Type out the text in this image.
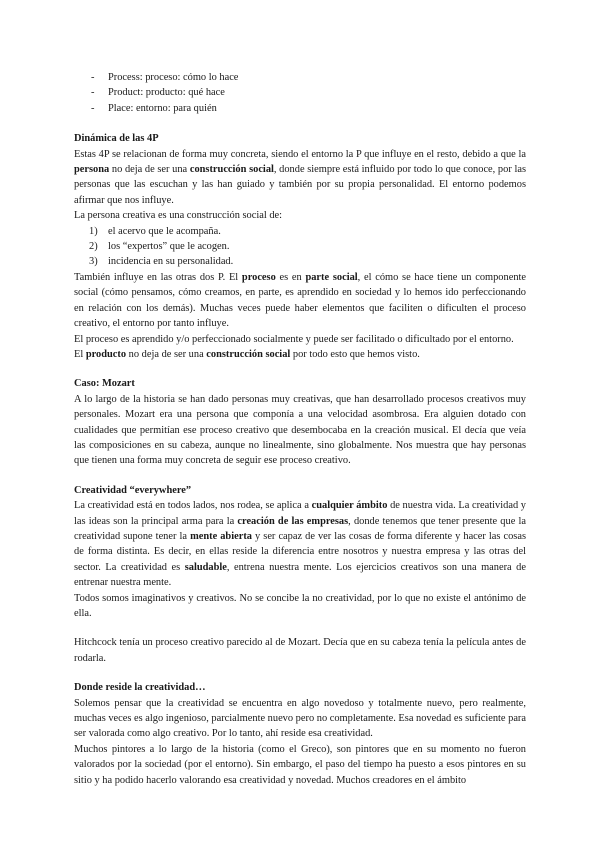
- Process: proceso: cómo lo hace
- Product: producto: qué hace
- Place: entorno: para quién
Dinámica de las 4P

Estas 4P se relacionan de forma muy concreta, siendo el entorno la P que influye en el resto, debido a que la persona no deja de ser una construcción social, donde siempre está influido por todo lo que conoce, por las personas que las escuchan y las han guiado y también por su propia personalidad. El entorno podemos afirmar que nos influye.

La persona creativa es una construcción social de:

1) el acervo que le acompaña.
2) los “expertos” que le acogen.
3) incidencia en su personalidad.

También influye en las otras dos P. El proceso es en parte social, el cómo se hace tiene un componente social (cómo pensamos, cómo creamos, en parte, es aprendido en sociedad y lo hemos ido perfeccionando en relación con los demás). Muchas veces puede haber elementos que faciliten o dificulten el proceso creativo, el entorno por tanto influye.

El proceso es aprendido y/o perfeccionado socialmente y puede ser facilitado o dificultado por el entorno.

El producto no deja de ser una construcción social por todo esto que hemos visto.

Caso: Mozart

A lo largo de la historia se han dado personas muy creativas, que han desarrollado procesos creativos muy personales. Mozart era una persona que componía a una velocidad asombrosa. Era alguien dotado con cualidades que permitían ese proceso creativo que desembocaba en la creación musical. El decía que veía las composiciones en su cabeza, aunque no linealmente, sino globalmente. Nos muestra que hay personas que tienen una forma muy concreta de seguir ese proceso creativo.

Creatividad “everywhere”

La creatividad está en todos lados, nos rodea, se aplica a cualquier ámbito de nuestra vida. La creatividad y las ideas son la principal arma para la creación de las empresas, donde tenemos que tener presente que la creatividad supone tener la mente abierta y ser capaz de ver las cosas de forma diferente y hacer las cosas de forma distinta. Es decir, en ellas reside la diferencia entre nosotros y nuestra empresa y las otras del sector. La creatividad es saludable, entrena nuestra mente. Los ejercicios creativos son una manera de entrenar nuestra mente.

Todos somos imaginativos y creativos. No se concibe la no creatividad, por lo que no existe el antónimo de ella.

Hitchcock tenía un proceso creativo parecido al de Mozart. Decía que en su cabeza tenía la película antes de rodarla.

Donde reside la creatividad…

Solemos pensar que la creatividad se encuentra en algo novedoso y totalmente nuevo, pero realmente, muchas veces es algo ingenioso, parcialmente nuevo pero no completamente. Esa novedad es suficiente para ser valorada como algo creativo. Por lo tanto, ahí reside esa creatividad.

Muchos pintores a lo largo de la historia (como el Greco), son pintores que en su momento no fueron valorados por la sociedad (por el entorno). Sin embargo, el paso del tiempo ha puesto a esos pintores en su sitio y ha podido hacerlo valorando esa creatividad y novedad. Muchos creadores en el ámbito
